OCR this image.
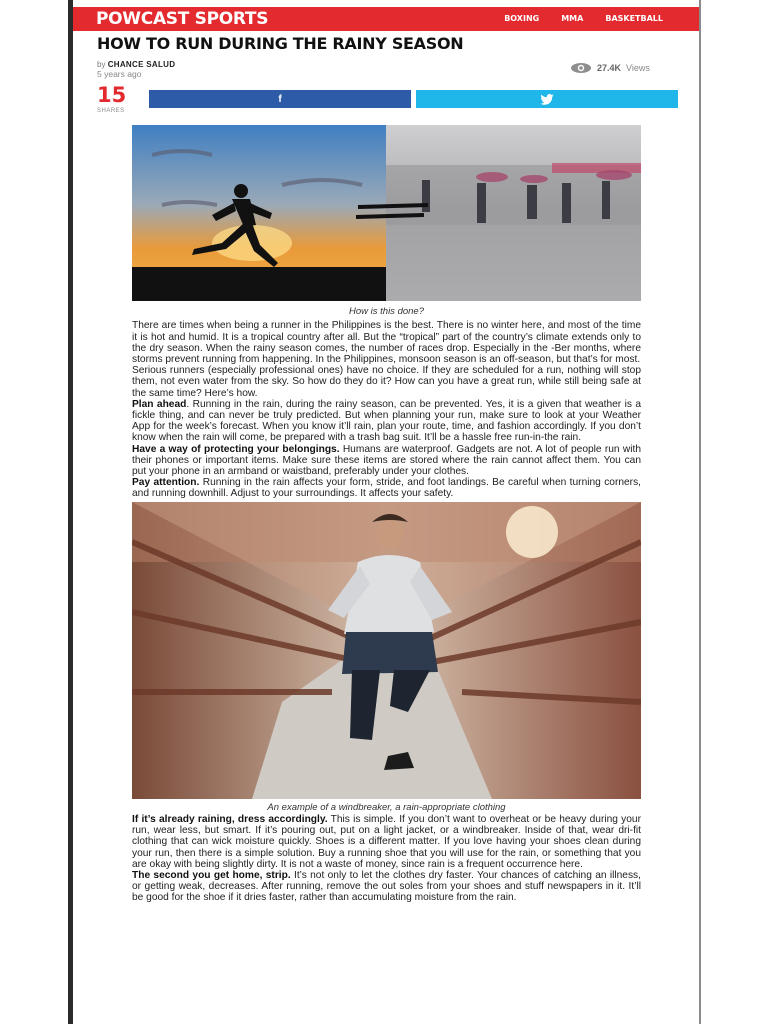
POWCAST SPORTS	BOXING	MMA	BASKETBALL
HOW TO RUN DURING THE RAINY SEASON
by CHANCE SALUD
5 years ago
27.4K Views
15
SHARES
f
How is this done?

There are times when being a runner in the Philippines is the best. There is no winter here, and most of the time it is hot and humid. It is a tropical country after all. But the “tropical” part of the country’s climate extends only to the dry season. When the rainy season comes, the number of races drop. Especially in the -Ber months, where storms prevent running from happening. In the Philippines, monsoon season is an off-season, but that’s for most.

Serious runners (especially professional ones) have no choice. If they are scheduled for a run, nothing will stop them, not even water from the sky. So how do they do it? How can you have a great run, while still being safe at the same time? Here’s how.

Plan ahead. Running in the rain, during the rainy season, can be prevented. Yes, it is a given that weather is a fickle thing, and can never be truly predicted. But when planning your run, make sure to look at your Weather App for the week’s forecast. When you know it’ll rain, plan your route, time, and fashion accordingly. If you don’t know when the rain will come, be prepared with a trash bag suit. It’ll be a hassle free run-in-the rain.

Have a way of protecting your belongings. Humans are waterproof. Gadgets are not. A lot of people run with their phones or important items. Make sure these items are stored where the rain cannot affect them. You can put your phone in an armband or waistband, preferably under your clothes.

Pay attention. Running in the rain affects your form, stride, and foot landings. Be careful when turning corners, and running downhill. Adjust to your surroundings. It affects your safety.

An example of a windbreaker, a rain-appropriate clothing

If it’s already raining, dress accordingly. This is simple. If you don’t want to overheat or be heavy during your run, wear less, but smart. If it’s pouring out, put on a light jacket, or a windbreaker. Inside of that, wear dri-fit clothing that can wick moisture quickly. Shoes is a different matter. If you love having your shoes clean during your run, then there is a simple solution. Buy a running shoe that you will use for the rain, or something that you are okay with being slightly dirty. It is not a waste of money, since rain is a frequent occurrence here.

The second you get home, strip. It’s not only to let the clothes dry faster. Your chances of catching an illness, or getting weak, decreases. After running, remove the out soles from your shoes and stuff newspapers in it. It’ll be good for the shoe if it dries faster, rather than accumulating moisture from the rain.
